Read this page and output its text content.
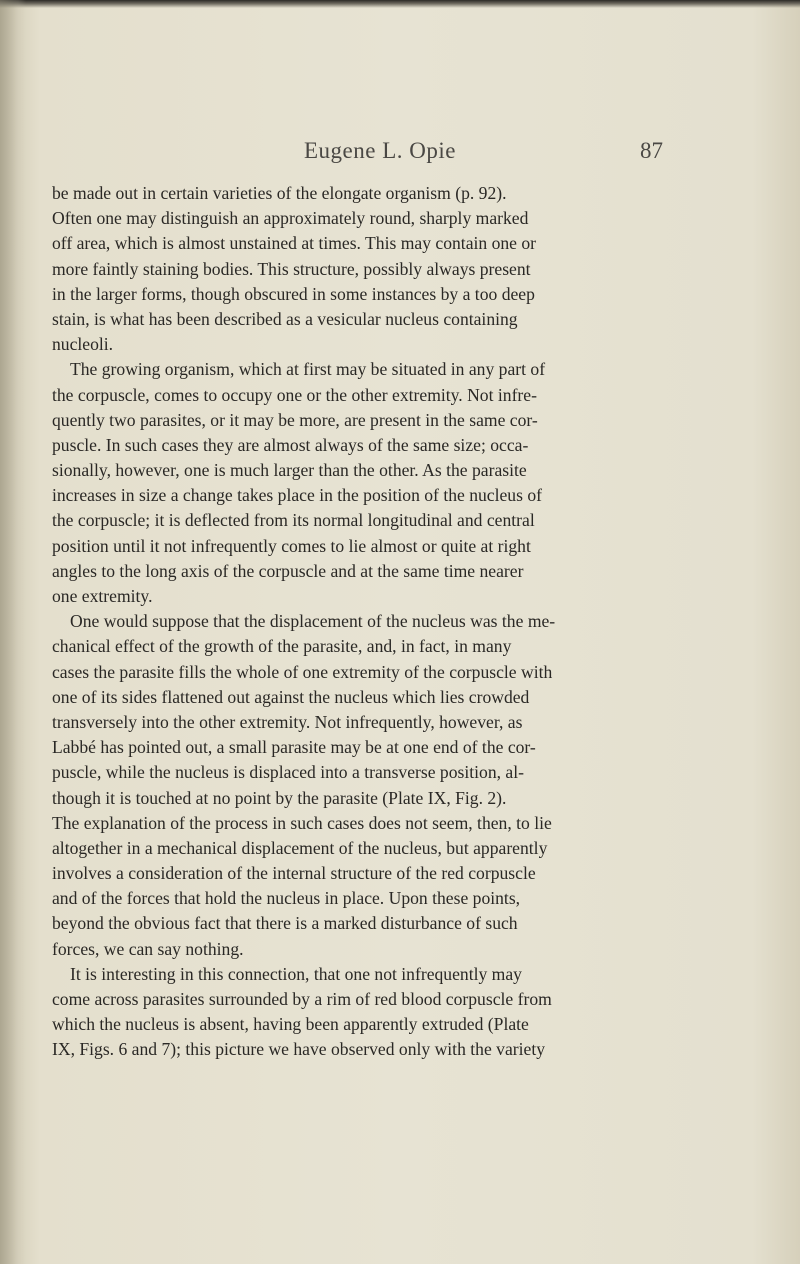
Eugene L. Opie	87
be made out in certain varieties of the elongate organism (p. 92).
Often one may distinguish an approximately round, sharply marked
off area, which is almost unstained at times. This may contain one or
more faintly staining bodies. This structure, possibly always present
in the larger forms, though obscured in some instances by a too deep
stain, is what has been described as a vesicular nucleus containing
nucleoli.
The growing organism, which at first may be situated in any part of
the corpuscle, comes to occupy one or the other extremity. Not infre-
quently two parasites, or it may be more, are present in the same cor-
puscle. In such cases they are almost always of the same size; occa-
sionally, however, one is much larger than the other. As the parasite
increases in size a change takes place in the position of the nucleus of
the corpuscle; it is deflected from its normal longitudinal and central
position until it not infrequently comes to lie almost or quite at right
angles to the long axis of the corpuscle and at the same time nearer
one extremity.
One would suppose that the displacement of the nucleus was the me-
chanical effect of the growth of the parasite, and, in fact, in many
cases the parasite fills the whole of one extremity of the corpuscle with
one of its sides flattened out against the nucleus which lies crowded
transversely into the other extremity. Not infrequently, however, as
Labbé has pointed out, a small parasite may be at one end of the cor-
puscle, while the nucleus is displaced into a transverse position, al-
though it is touched at no point by the parasite (Plate IX, Fig. 2).
The explanation of the process in such cases does not seem, then, to lie
altogether in a mechanical displacement of the nucleus, but apparently
involves a consideration of the internal structure of the red corpuscle
and of the forces that hold the nucleus in place. Upon these points,
beyond the obvious fact that there is a marked disturbance of such
forces, we can say nothing.
It is interesting in this connection, that one not infrequently may
come across parasites surrounded by a rim of red blood corpuscle from
which the nucleus is absent, having been apparently extruded (Plate
IX, Figs. 6 and 7); this picture we have observed only with the variety
